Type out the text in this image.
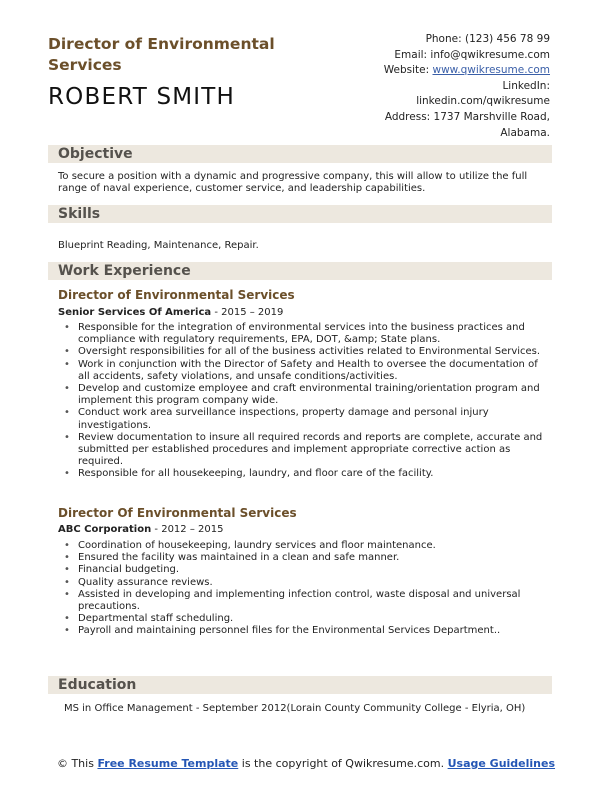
Director of Environmental Services
ROBERT SMITH
Phone: (123) 456 78 99
Email: info@qwikresume.com
Website: www.qwikresume.com
LinkedIn:
linkedin.com/qwikresume
Address: 1737 Marshville Road,
Alabama.
Objective
To secure a position with a dynamic and progressive company, this will allow to utilize the full
range of naval experience, customer service, and leadership capabilities.
Skills
Blueprint Reading, Maintenance, Repair.
Work Experience
Director of Environmental Services
Senior Services Of America - 2015 – 2019
• Responsible for the integration of environmental services into the business practices and compliance with regulatory requirements, EPA, DOT, &amp; State plans.
• Oversight responsibilities for all of the business activities related to Environmental Services.
• Work in conjunction with the Director of Safety and Health to oversee the documentation of all accidents, safety violations, and unsafe conditions/activities.
• Develop and customize employee and craft environmental training/orientation program and implement this program company wide.
• Conduct work area surveillance inspections, property damage and personal injury investigations.
• Review documentation to insure all required records and reports are complete, accurate and submitted per established procedures and implement appropriate corrective action as required.
• Responsible for all housekeeping, laundry, and floor care of the facility.
Director Of Environmental Services
ABC Corporation - 2012 – 2015
• Coordination of housekeeping, laundry services and floor maintenance.
• Ensured the facility was maintained in a clean and safe manner.
• Financial budgeting.
• Quality assurance reviews.
• Assisted in developing and implementing infection control, waste disposal and universal precautions.
• Departmental staff scheduling.
• Payroll and maintaining personnel files for the Environmental Services Department..
Education
MS in Office Management - September 2012(Lorain County Community College - Elyria, OH)
© This Free Resume Template is the copyright of Qwikresume.com. Usage Guidelines
